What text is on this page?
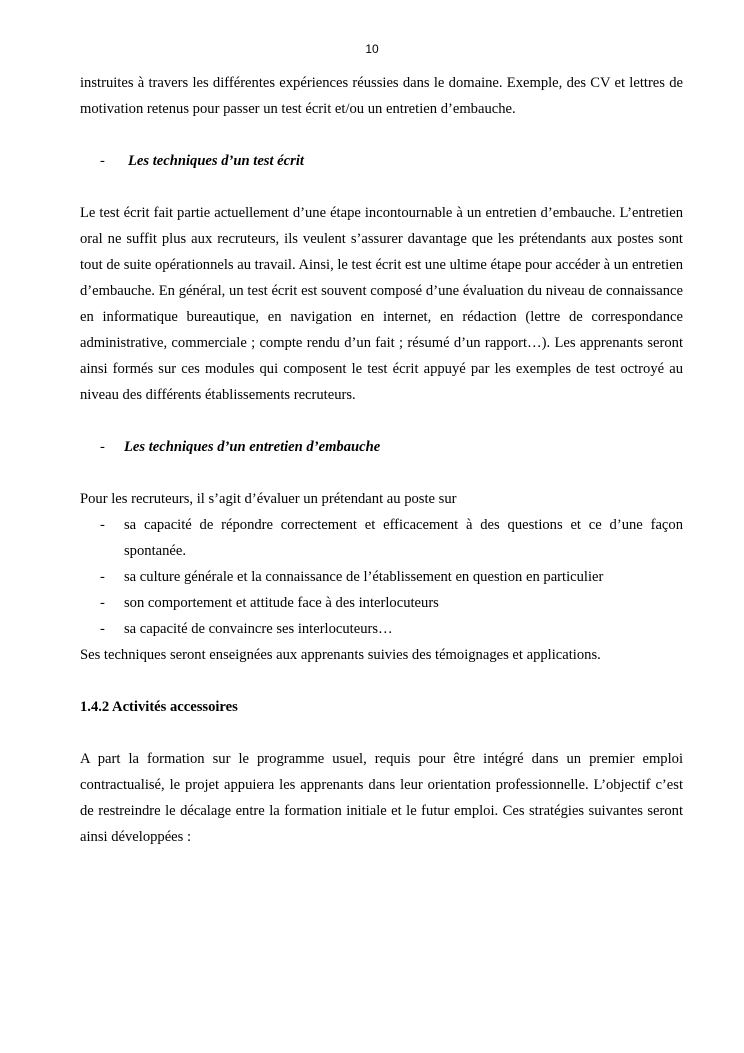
10

instruites à travers les différentes expériences réussies dans le domaine. Exemple, des CV et lettres de motivation retenus pour passer un test écrit et/ou un entretien d’embauche.

-	Les techniques d’un test écrit

Le test écrit fait partie actuellement d’une étape incontournable à un entretien d’embauche. L’entretien oral ne suffit plus aux recruteurs, ils veulent s’assurer davantage que les prétendants aux postes sont tout de suite opérationnels au travail. Ainsi, le test écrit est une ultime étape pour accéder à un entretien d’embauche. En général, un test écrit est souvent composé d’une évaluation du niveau de connaissance en informatique bureautique, en navigation en internet, en rédaction (lettre de correspondance administrative, commerciale ; compte rendu d’un fait ; résumé d’un rapport…). Les apprenants seront ainsi formés sur ces modules qui composent le test écrit appuyé par les exemples de test octroyé au niveau des différents établissements recruteurs.

-	Les techniques d’un entretien d’embauche

Pour les recruteurs, il s’agit d’évaluer un prétendant au poste sur

- sa capacité de répondre correctement et efficacement à des questions et ce d’une façon spontanée.
- sa culture générale et la connaissance de l’établissement en question en particulier
- son comportement et attitude face à des interlocuteurs
- sa capacité de convaincre ses interlocuteurs…

Ses techniques seront enseignées aux apprenants suivies des témoignages et applications.

1.4.2 Activités accessoires

A part la formation sur le programme usuel, requis pour être intégré dans un premier emploi contractualisé, le projet appuiera les apprenants dans leur orientation professionnelle. L’objectif c’est de restreindre le décalage entre la formation initiale et le futur emploi. Ces stratégies suivantes seront ainsi développées :
